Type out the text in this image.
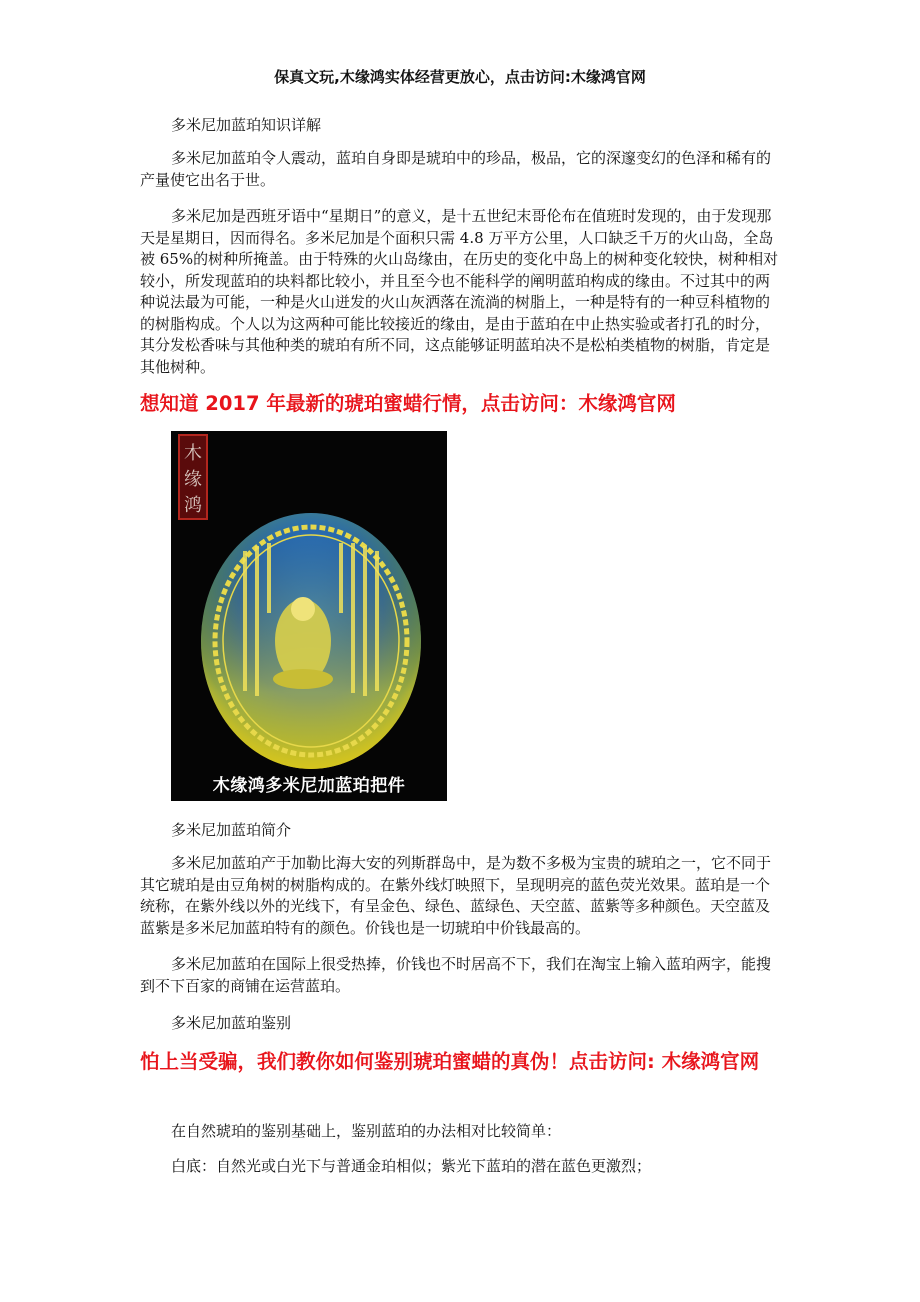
保真文玩,木缘鸿实体经营更放心，点击访问:木缘鸿官网

多米尼加蓝珀知识详解

多米尼加蓝珀令人震动，蓝珀自身即是琥珀中的珍品，极品，它的深邃变幻的色泽和稀有的产量使它出名于世。

多米尼加是西班牙语中“星期日”的意义，是十五世纪末哥伦布在值班时发现的，由于发现那天是星期日，因而得名。多米尼加是个面积只需 4.8 万平方公里，人口缺乏千万的火山岛，全岛被 65%的树种所掩盖。由于特殊的火山岛缘由，在历史的变化中岛上的树种变化较快，树种相对较小，所发现蓝珀的块料都比较小，并且至今也不能科学的阐明蓝珀构成的缘由。不过其中的两种说法最为可能，一种是火山迸发的火山灰洒落在流淌的树脂上，一种是特有的一种豆科植物的的树脂构成。个人以为这两种可能比较接近的缘由，是由于蓝珀在中止热实验或者打孔的时分，其分发松香味与其他种类的琥珀有所不同，这点能够证明蓝珀决不是松柏类植物的树脂，肯定是其他树种。

想知道 2017 年最新的琥珀蜜蜡行情，点击访问：木缘鸿官网
木
缘
鸿
木缘鸿多米尼加蓝珀把件

多米尼加蓝珀简介

多米尼加蓝珀产于加勒比海大安的列斯群岛中，是为数不多极为宝贵的琥珀之一，它不同于其它琥珀是由豆角树的树脂构成的。在紫外线灯映照下，呈现明亮的蓝色荧光效果。蓝珀是一个统称，在紫外线以外的光线下，有呈金色、绿色、蓝绿色、天空蓝、蓝紫等多种颜色。天空蓝及蓝紫是多米尼加蓝珀特有的颜色。价钱也是一切琥珀中价钱最高的。

多米尼加蓝珀在国际上很受热捧，价钱也不时居高不下，我们在淘宝上输入蓝珀两字，能搜到不下百家的商铺在运营蓝珀。

多米尼加蓝珀鉴别

怕上当受骗，我们教你如何鉴别琥珀蜜蜡的真伪！点击访问: 木缘鸿官网

在自然琥珀的鉴别基础上，鉴别蓝珀的办法相对比较简单：

白底：自然光或白光下与普通金珀相似；紫光下蓝珀的潜在蓝色更激烈；
